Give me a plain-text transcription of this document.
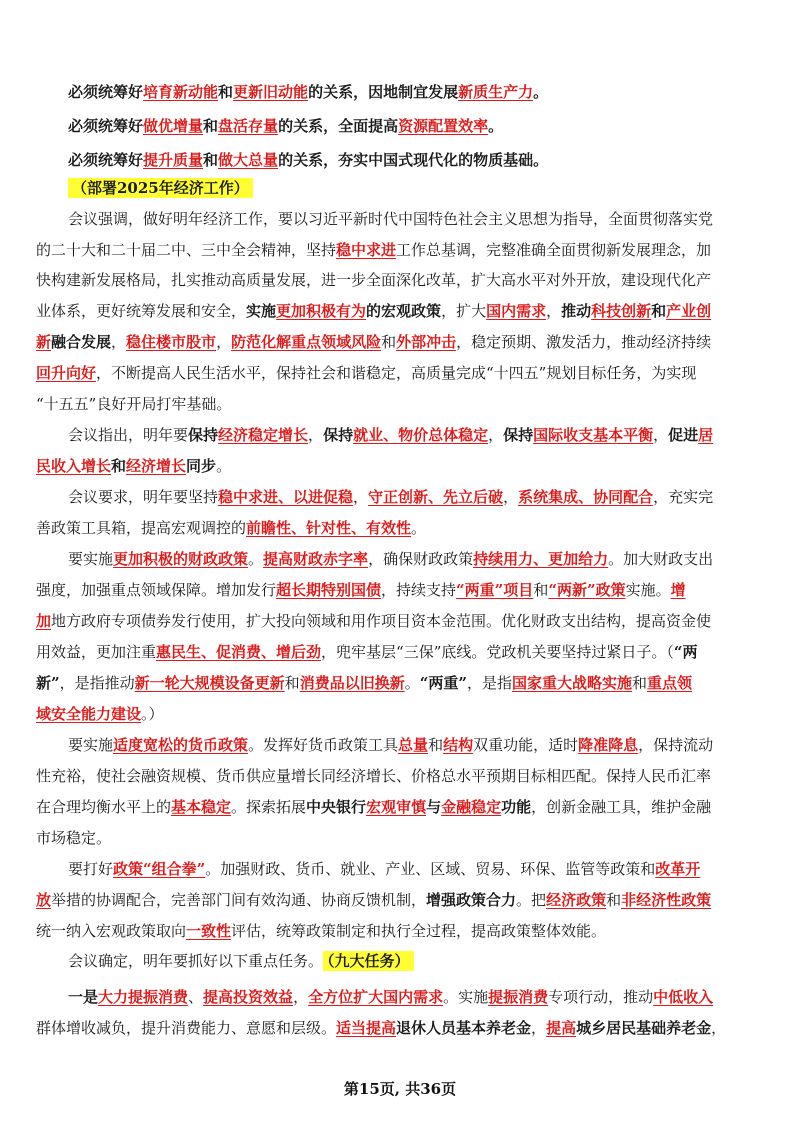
必须统筹好培育新动能和更新旧动能的关系，因地制宜发展新质生产力。
必须统筹好做优增量和盘活存量的关系，全面提高资源配置效率。
必须统筹好提升质量和做大总量的关系，夯实中国式现代化的物质基础。
（部署2025年经济工作）
会议强调，做好明年经济工作，要以习近平新时代中国特色社会主义思想为指导，全面贯彻落实党
的二十大和二十届二中、三中全会精神，坚持稳中求进工作总基调，完整准确全面贯彻新发展理念，加
快构建新发展格局，扎实推动高质量发展，进一步全面深化改革，扩大高水平对外开放，建设现代化产
业体系，更好统筹发展和安全，实施更加积极有为的宏观政策，扩大国内需求，推动科技创新和产业创
新融合发展，稳住楼市股市，防范化解重点领域风险和外部冲击，稳定预期、激发活力，推动经济持续
回升向好，不断提高人民生活水平，保持社会和谐稳定，高质量完成“十四五”规划目标任务，为实现
“十五五”良好开局打牢基础。
会议指出，明年要保持经济稳定增长，保持就业、物价总体稳定，保持国际收支基本平衡，促进居
民收入增长和经济增长同步。
会议要求，明年要坚持稳中求进、以进促稳，守正创新、先立后破，系统集成、协同配合，充实完
善政策工具箱，提高宏观调控的前瞻性、针对性、有效性。
要实施更加积极的财政政策。提高财政赤字率，确保财政政策持续用力、更加给力。加大财政支出
强度，加强重点领域保障。增加发行超长期特别国债，持续支持“两重”项目和“两新”政策实施。增
加地方政府专项债券发行使用，扩大投向领域和用作项目资本金范围。优化财政支出结构，提高资金使
用效益，更加注重惠民生、促消费、增后劲，兜牢基层“三保”底线。党政机关要坚持过紧日子。（“两
新”，是指推动新一轮大规模设备更新和消费品以旧换新。“两重”，是指国家重大战略实施和重点领
域安全能力建设。）
要实施适度宽松的货币政策。发挥好货币政策工具总量和结构双重功能，适时降准降息，保持流动
性充裕，使社会融资规模、货币供应量增长同经济增长、价格总水平预期目标相匹配。保持人民币汇率
在合理均衡水平上的基本稳定。探索拓展中央银行宏观审慎与金融稳定功能，创新金融工具，维护金融
市场稳定。
要打好政策“组合拳”。加强财政、货币、就业、产业、区域、贸易、环保、监管等政策和改革开
放举措的协调配合，完善部门间有效沟通、协商反馈机制，增强政策合力。把经济政策和非经济性政策
统一纳入宏观政策取向一致性评估，统筹政策制定和执行全过程，提高政策整体效能。
会议确定，明年要抓好以下重点任务。 （九大任务）
一是大力提振消费、提高投资效益，全方位扩大国内需求。实施提振消费专项行动，推动中低收入
群体增收减负，提升消费能力、意愿和层级。适当提高退休人员基本养老金，提高城乡居民基础养老金，
第15页, 共36页
